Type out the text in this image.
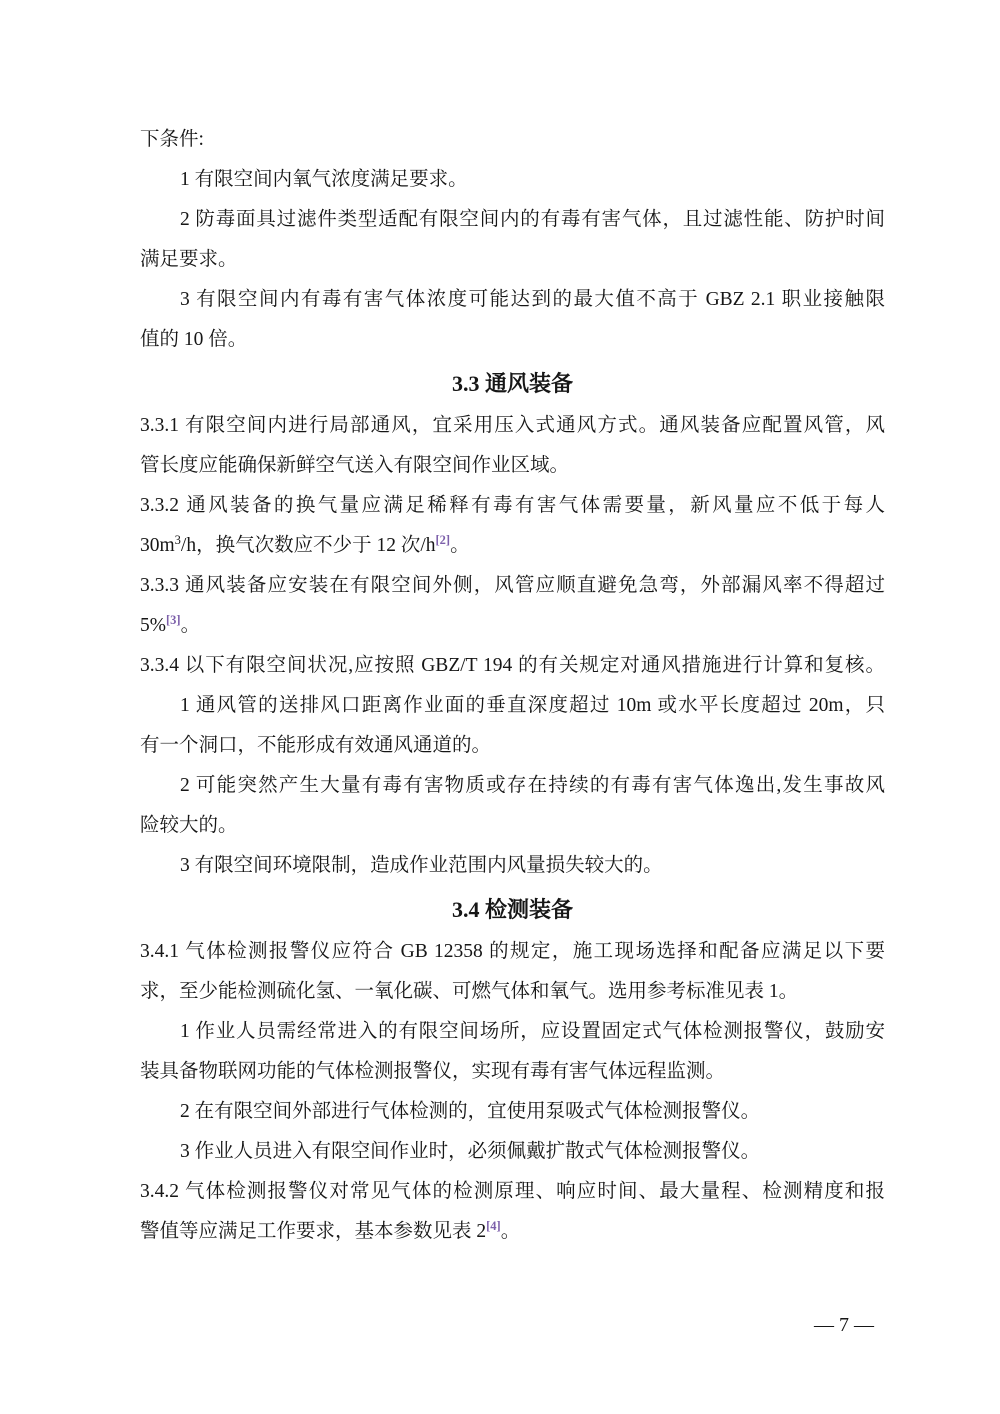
下条件:
1 有限空间内氧气浓度满足要求。
2 防毒面具过滤件类型适配有限空间内的有毒有害气体，且过滤性能、防护时间
满足要求。
3 有限空间内有毒有害气体浓度可能达到的最大值不高于 GBZ 2.1 职业接触限
值的 10 倍。
3.3 通风装备
3.3.1 有限空间内进行局部通风，宜采用压入式通风方式。通风装备应配置风管，风
管长度应能确保新鲜空气送入有限空间作业区域。
3.3.2 通风装备的换气量应满足稀释有毒有害气体需要量，新风量应不低于每人
$30m^3/h$，换气次数应不少于 12 次/h[2]。
3.3.3 通风装备应安装在有限空间外侧，风管应顺直避免急弯，外部漏风率不得超过
5%[3]。
3.3.4 以下有限空间状况,应按照 GBZ/T 194 的有关规定对通风措施进行计算和复核。
1 通风管的送排风口距离作业面的垂直深度超过 10m 或水平长度超过 20m，只
有一个洞口，不能形成有效通风通道的。
2 可能突然产生大量有毒有害物质或存在持续的有毒有害气体逸出,发生事故风
险较大的。
3 有限空间环境限制，造成作业范围内风量损失较大的。
3.4 检测装备
3.4.1 气体检测报警仪应符合 GB 12358 的规定，施工现场选择和配备应满足以下要
求，至少能检测硫化氢、一氧化碳、可燃气体和氧气。选用参考标准见表 1。
1 作业人员需经常进入的有限空间场所，应设置固定式气体检测报警仪，鼓励安
装具备物联网功能的气体检测报警仪，实现有毒有害气体远程监测。
2 在有限空间外部进行气体检测的，宜使用泵吸式气体检测报警仪。
3 作业人员进入有限空间作业时，必须佩戴扩散式气体检测报警仪。
3.4.2 气体检测报警仪对常见气体的检测原理、响应时间、最大量程、检测精度和报
警值等应满足工作要求，基本参数见表 2[4]。
— 7 —
